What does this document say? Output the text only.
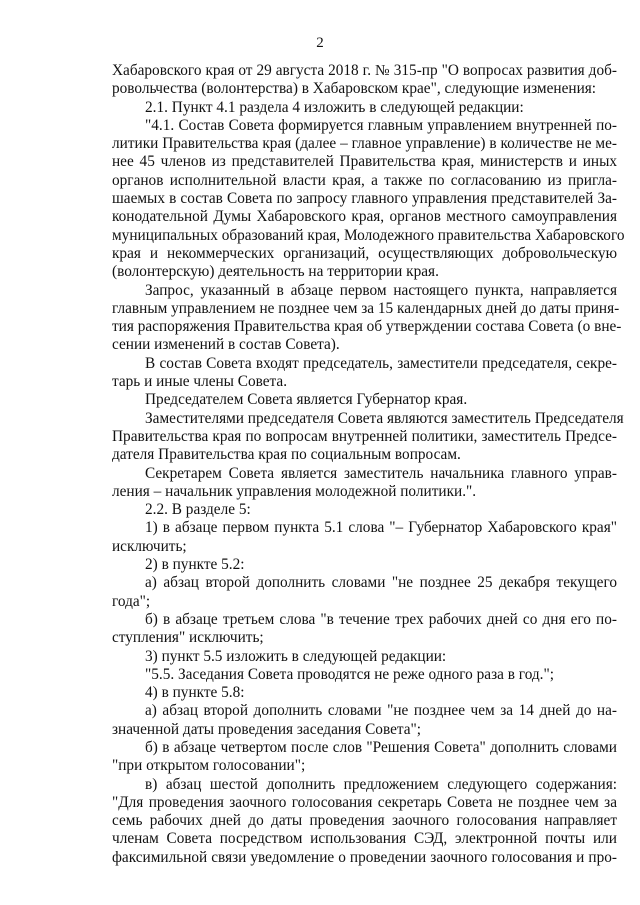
2
Хабаровского края от 29 августа 2018 г. № 315-пр "О вопросах развития доб-
ровольчества (волонтерства) в Хабаровском крае", следующие изменения:
2.1. Пункт 4.1 раздела 4 изложить в следующей редакции:
"4.1. Состав Совета формируется главным управлением внутренней по-
литики Правительства края (далее – главное управление) в количестве не ме-
нее 45 членов из представителей Правительства края, министерств и иных
органов исполнительной власти края, а также по согласованию из пригла-
шаемых в состав Совета по запросу главного управления представителей За-
конодательной Думы Хабаровского края, органов местного самоуправления
муниципальных образований края, Молодежного правительства Хабаровского
края и некоммерческих организаций, осуществляющих добровольческую
(волонтерскую) деятельность на территории края.
Запрос, указанный в абзаце первом настоящего пункта, направляется
главным управлением не позднее чем за 15 календарных дней до даты приня-
тия распоряжения Правительства края об утверждении состава Совета (о вне-
сении изменений в состав Совета).
В состав Совета входят председатель, заместители председателя, секре-
тарь и иные члены Совета.
Председателем Совета является Губернатор края.
Заместителями председателя Совета являются заместитель Председателя
Правительства края по вопросам внутренней политики, заместитель Предсе-
дателя Правительства края по социальным вопросам.
Секретарем Совета является заместитель начальника главного управ-
ления – начальник управления молодежной политики.".
2.2. В разделе 5:
1) в абзаце первом пункта 5.1 слова "– Губернатор Хабаровского края"
исключить;
2) в пункте 5.2:
а) абзац второй дополнить словами "не позднее 25 декабря текущего
года";
б) в абзаце третьем слова "в течение трех рабочих дней со дня его по-
ступления" исключить;
3) пункт 5.5 изложить в следующей редакции:
"5.5. Заседания Совета проводятся не реже одного раза в год.";
4) в пункте 5.8:
а) абзац второй дополнить словами "не позднее чем за 14 дней до на-
значенной даты проведения заседания Совета";
б) в абзаце четвертом после слов "Решения Совета" дополнить словами
"при открытом голосовании";
в) абзац шестой дополнить предложением следующего содержания:
"Для проведения заочного голосования секретарь Совета не позднее чем за
семь рабочих дней до даты проведения заочного голосования направляет
членам Совета посредством использования СЭД, электронной почты или
факсимильной связи уведомление о проведении заочного голосования и про-
